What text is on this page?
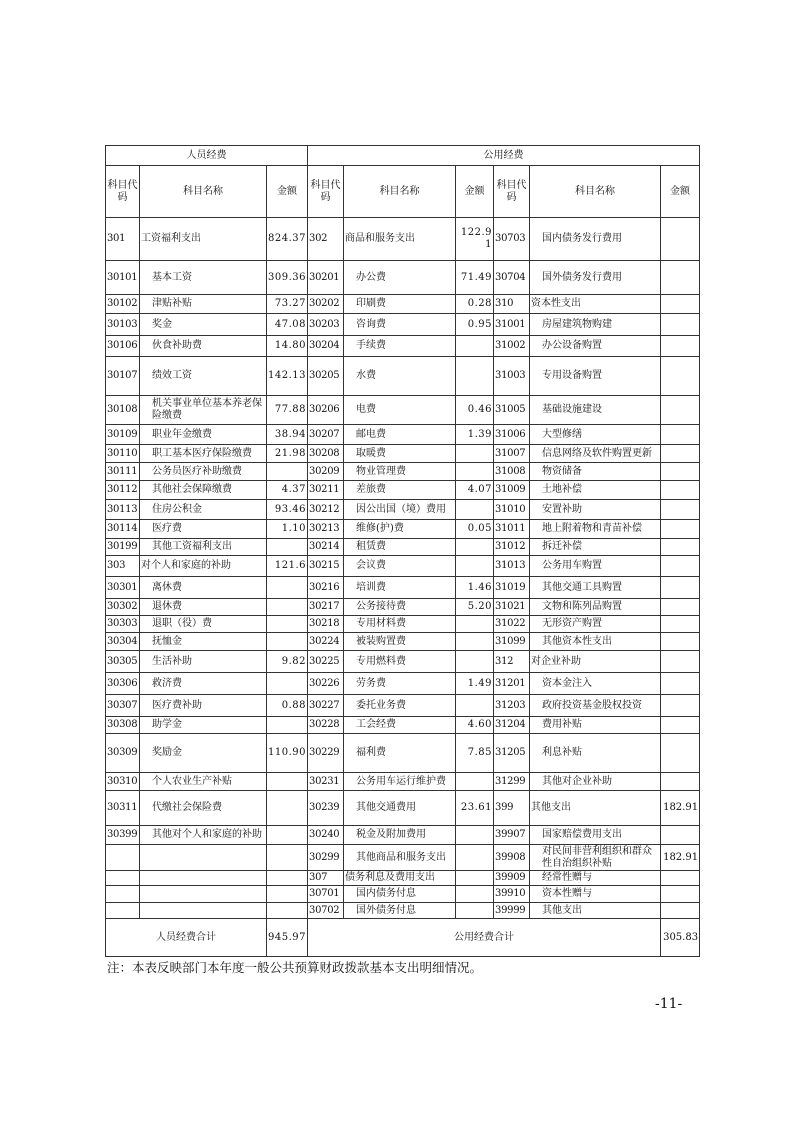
人员经费			公用经费					
科目代码	科目名称	金额	科目代码	科目名称	金额	科目代码	科目名称	金额
301	工资福利支出	824.37	302	商品和服务支出	122.91	30703	国内债务发行费用	
30101	基本工资	309.36	30201	办公费	71.49	30704	国外债务发行费用	
30102	津贴补贴	73.27	30202	印刷费	0.28	310	资本性支出	
30103	奖金	47.08	30203	咨询费	0.95	31001	房屋建筑物购建	
30106	伙食补助费	14.80	30204	手续费		31002	办公设备购置	
30107	绩效工资	142.13	30205	水费		31003	专用设备购置	
30108	机关事业单位基本养老保险缴费	77.88	30206	电费	0.46	31005	基础设施建设	
30109	职业年金缴费	38.94	30207	邮电费	1.39	31006	大型修缮	
30110	职工基本医疗保险缴费	21.98	30208	取暖费		31007	信息网络及软件购置更新	
30111	公务员医疗补助缴费		30209	物业管理费		31008	物资储备	
30112	其他社会保障缴费	4.37	30211	差旅费	4.07	31009	土地补偿	
30113	住房公积金	93.46	30212	因公出国（境）费用		31010	安置补助	
30114	医疗费	1.10	30213	维修(护)费	0.05	31011	地上附着物和青苗补偿	
30199	其他工资福利支出		30214	租赁费		31012	拆迁补偿	
303	对个人和家庭的补助	121.6	30215	会议费		31013	公务用车购置	
30301	离休费		30216	培训费	1.46	31019	其他交通工具购置	
30302	退休费		30217	公务接待费	5.20	31021	文物和陈列品购置	
30303	退职（役）费		30218	专用材料费		31022	无形资产购置	
30304	抚恤金		30224	被装购置费		31099	其他资本性支出	
30305	生活补助	9.82	30225	专用燃料费		312	对企业补助	
30306	救济费		30226	劳务费	1.49	31201	资本金注入	
30307	医疗费补助	0.88	30227	委托业务费		31203	政府投资基金股权投资	
30308	助学金		30228	工会经费	4.60	31204	费用补贴	
30309	奖励金	110.90	30229	福利费	7.85	31205	利息补贴	
30310	个人农业生产补贴		30231	公务用车运行维护费		31299	其他对企业补助	
30311	代缴社会保险费		30239	其他交通费用	23.61	399	其他支出	182.91
30399	其他对个人和家庭的补助		30240	税金及附加费用		39907	国家赔偿费用支出	
			30299	其他商品和服务支出		39908	对民间非营利组织和群众性自治组织补贴	182.91
			307	债务利息及费用支出		39909	经常性赠与	
			30701	国内债务付息		39910	资本性赠与	
			30702	国外债务付息		39999	其他支出	
人员经费合计		945.97	公用经费合计					305.83
注：本表反映部门本年度一般公共预算财政拨款基本支出明细情况。
-11-
